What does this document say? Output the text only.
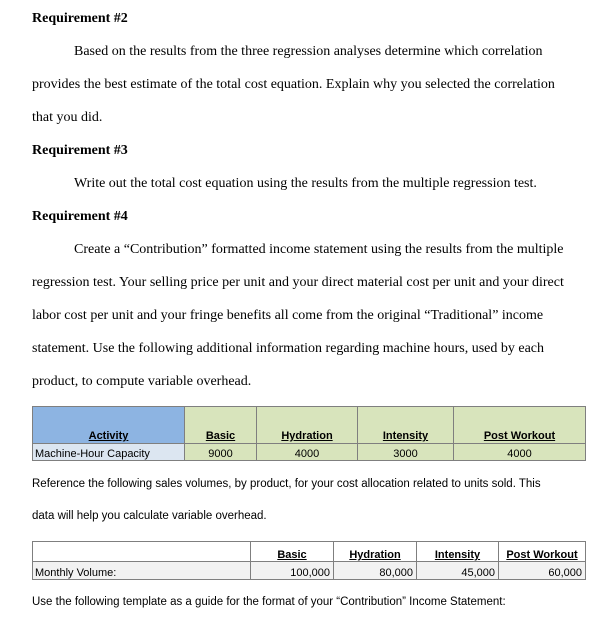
Requirement #2
Based on the results from the three regression analyses determine which correlation
provides the best estimate of the total cost equation. Explain why you selected the correlation
that you did.
Requirement #3
Write out the total cost equation using the results from the multiple regression test.
Requirement #4
Create a “Contribution” formatted income statement using the results from the multiple
regression test. Your selling price per unit and your direct material cost per unit and your direct
labor cost per unit and your fringe benefits all come from the original “Traditional” income
statement. Use the following additional information regarding machine hours, used by each
product, to compute variable overhead.
Activity	Basic	Hydration	Intensity	Post Workout
Machine-Hour Capacity	9000	4000	3000	4000
Reference the following sales volumes, by product, for your cost allocation related to units sold. This
data will help you calculate variable overhead.
	Basic	Hydration	Intensity	Post Workout
Monthly Volume:	100,000	80,000	45,000	60,000
Use the following template as a guide for the format of your “Contribution” Income Statement:
